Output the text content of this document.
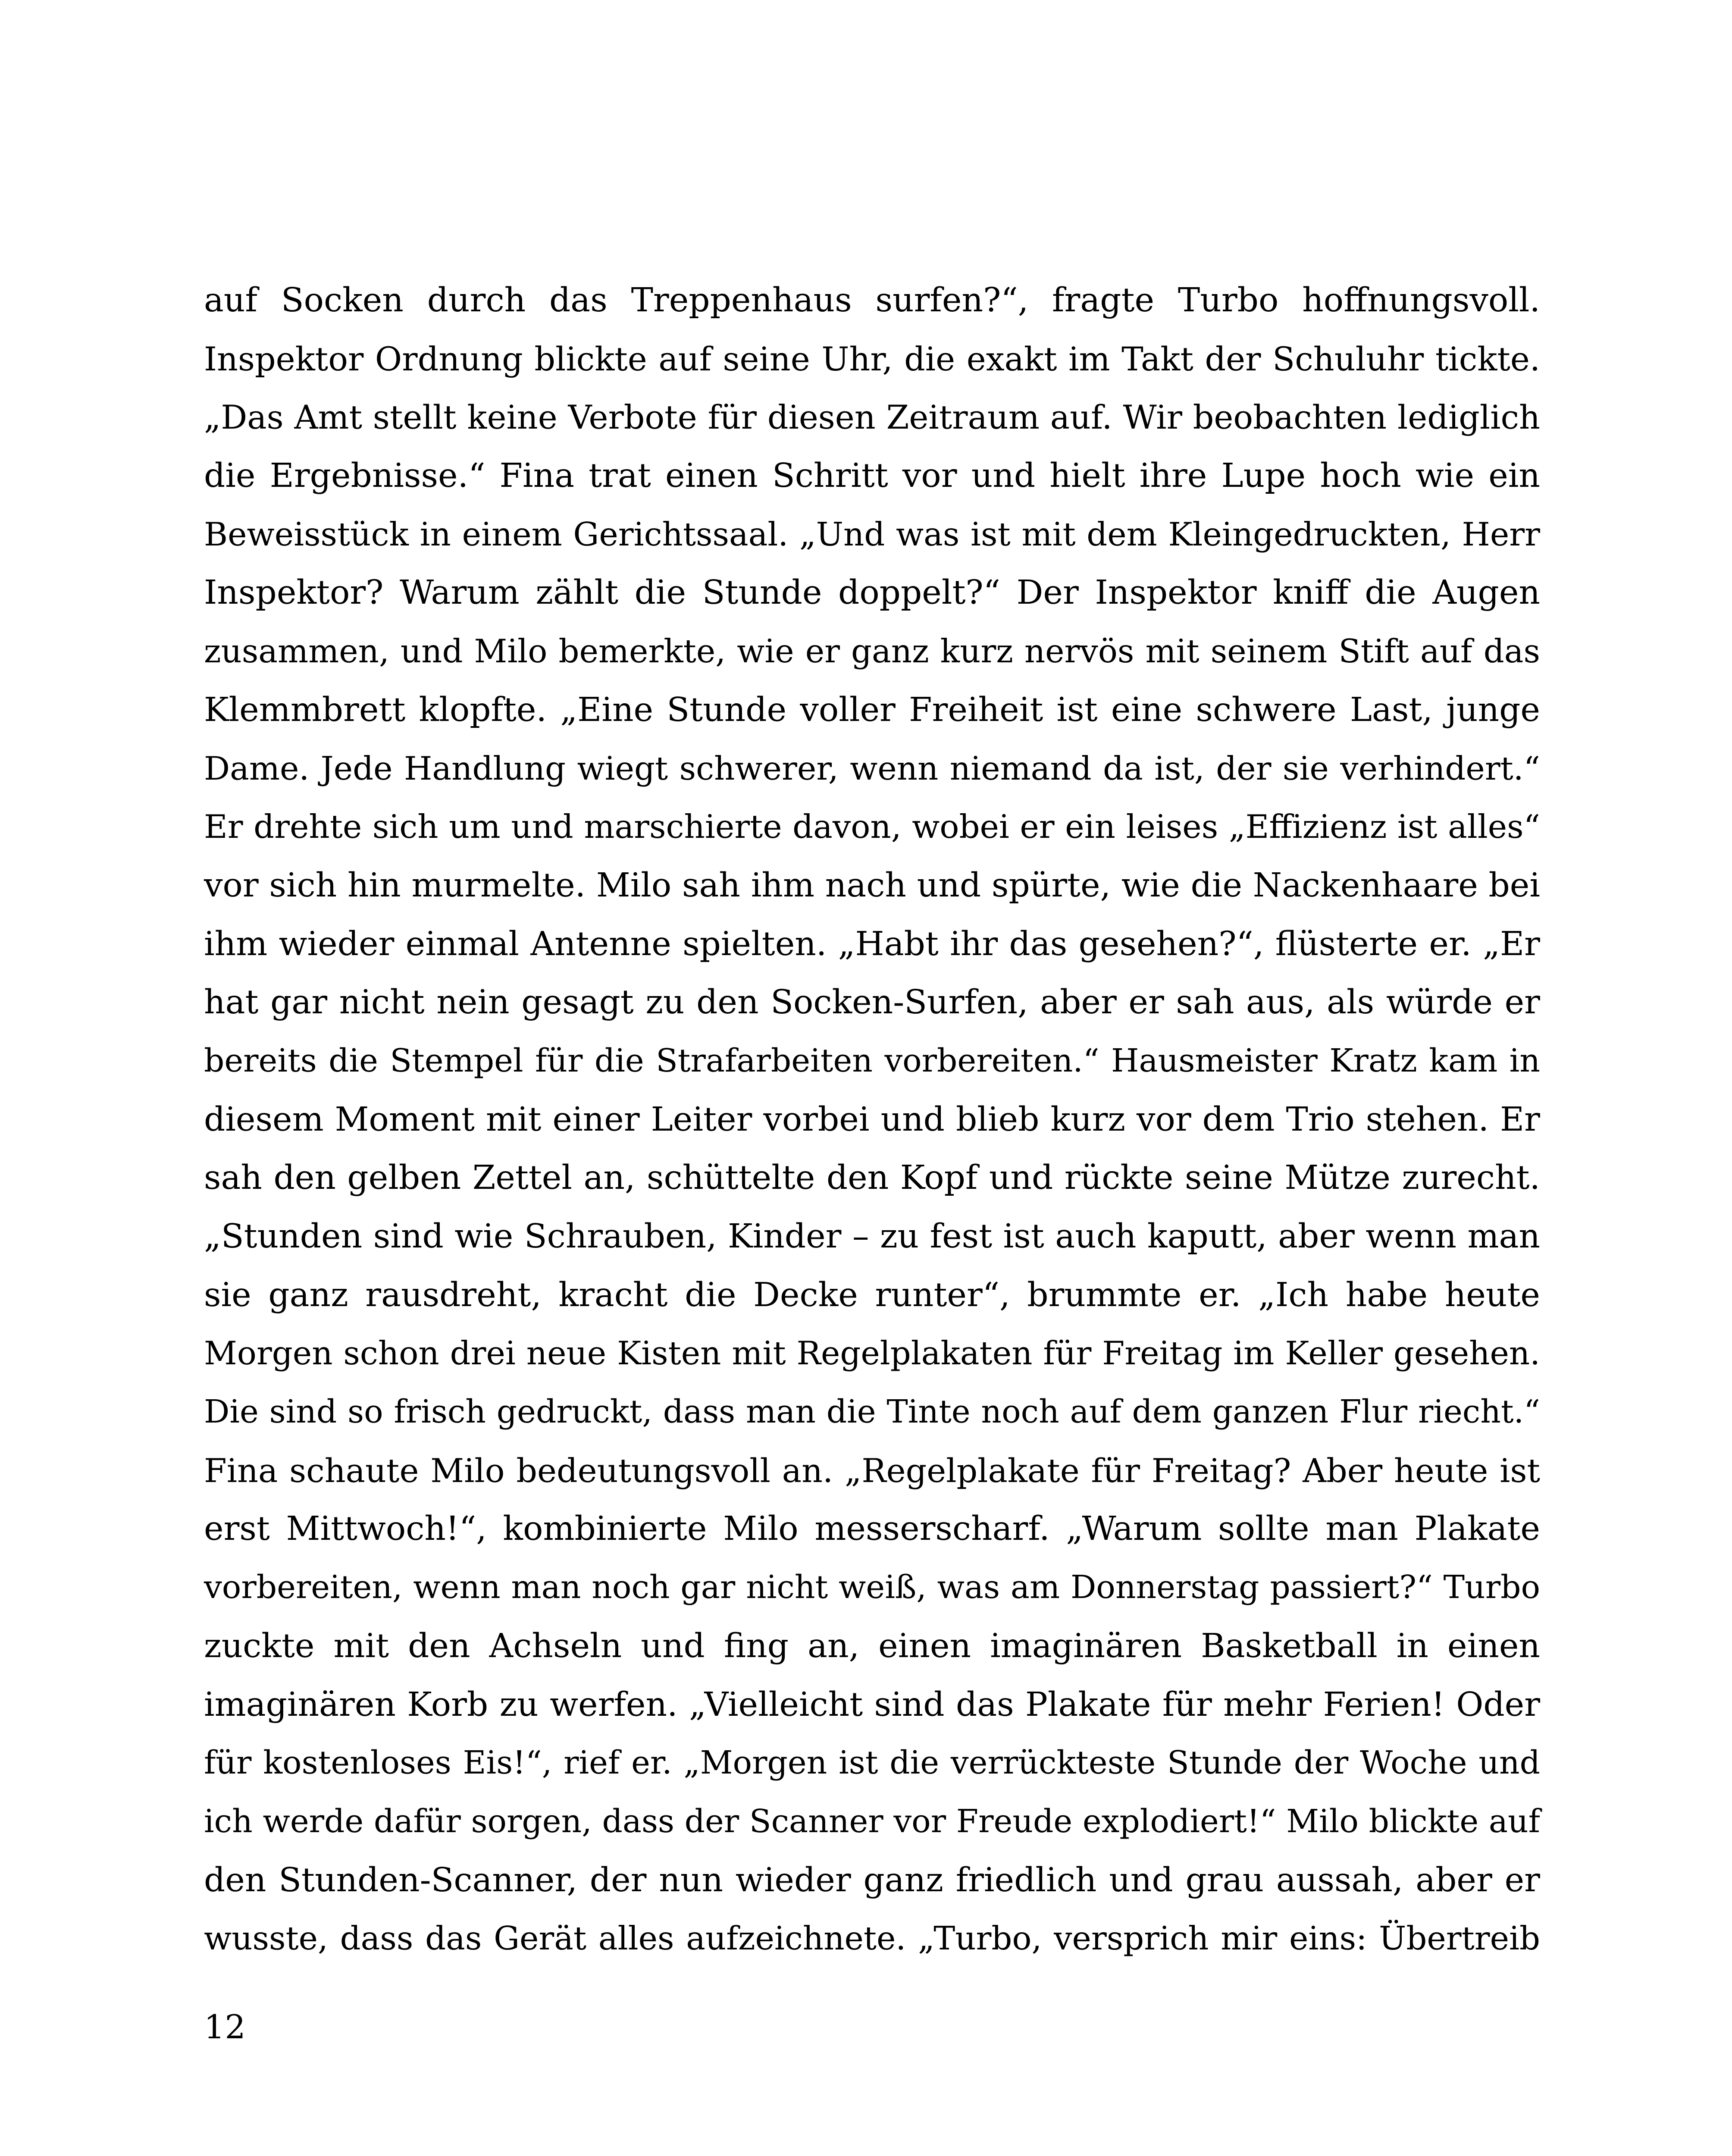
auf Socken durch das Treppenhaus surfen?“, fragte Turbo hoffnungsvoll.
Inspektor Ordnung blickte auf seine Uhr, die exakt im Takt der Schuluhr tickte.
„Das Amt stellt keine Verbote für diesen Zeitraum auf. Wir beobachten lediglich
die Ergebnisse.“ Fina trat einen Schritt vor und hielt ihre Lupe hoch wie ein
Beweisstück in einem Gerichtssaal. „Und was ist mit dem Kleingedruckten, Herr
Inspektor? Warum zählt die Stunde doppelt?“ Der Inspektor kniff die Augen
zusammen, und Milo bemerkte, wie er ganz kurz nervös mit seinem Stift auf das
Klemmbrett klopfte. „Eine Stunde voller Freiheit ist eine schwere Last, junge
Dame. Jede Handlung wiegt schwerer, wenn niemand da ist, der sie verhindert.“
Er drehte sich um und marschierte davon, wobei er ein leises „Effizienz ist alles“
vor sich hin murmelte. Milo sah ihm nach und spürte, wie die Nackenhaare bei
ihm wieder einmal Antenne spielten. „Habt ihr das gesehen?“, flüsterte er. „Er
hat gar nicht nein gesagt zu den Socken-Surfen, aber er sah aus, als würde er
bereits die Stempel für die Strafarbeiten vorbereiten.“ Hausmeister Kratz kam in
diesem Moment mit einer Leiter vorbei und blieb kurz vor dem Trio stehen. Er
sah den gelben Zettel an, schüttelte den Kopf und rückte seine Mütze zurecht.
„Stunden sind wie Schrauben, Kinder – zu fest ist auch kaputt, aber wenn man
sie ganz rausdreht, kracht die Decke runter“, brummte er. „Ich habe heute
Morgen schon drei neue Kisten mit Regelplakaten für Freitag im Keller gesehen.
Die sind so frisch gedruckt, dass man die Tinte noch auf dem ganzen Flur riecht.“
Fina schaute Milo bedeutungsvoll an. „Regelplakate für Freitag? Aber heute ist
erst Mittwoch!“, kombinierte Milo messerscharf. „Warum sollte man Plakate
vorbereiten, wenn man noch gar nicht weiß, was am Donnerstag passiert?“ Turbo
zuckte mit den Achseln und fing an, einen imaginären Basketball in einen
imaginären Korb zu werfen. „Vielleicht sind das Plakate für mehr Ferien! Oder
für kostenloses Eis!“, rief er. „Morgen ist die verrückteste Stunde der Woche und
ich werde dafür sorgen, dass der Scanner vor Freude explodiert!“ Milo blickte auf
den Stunden-Scanner, der nun wieder ganz friedlich und grau aussah, aber er
wusste, dass das Gerät alles aufzeichnete. „Turbo, versprich mir eins: Übertreib

12
